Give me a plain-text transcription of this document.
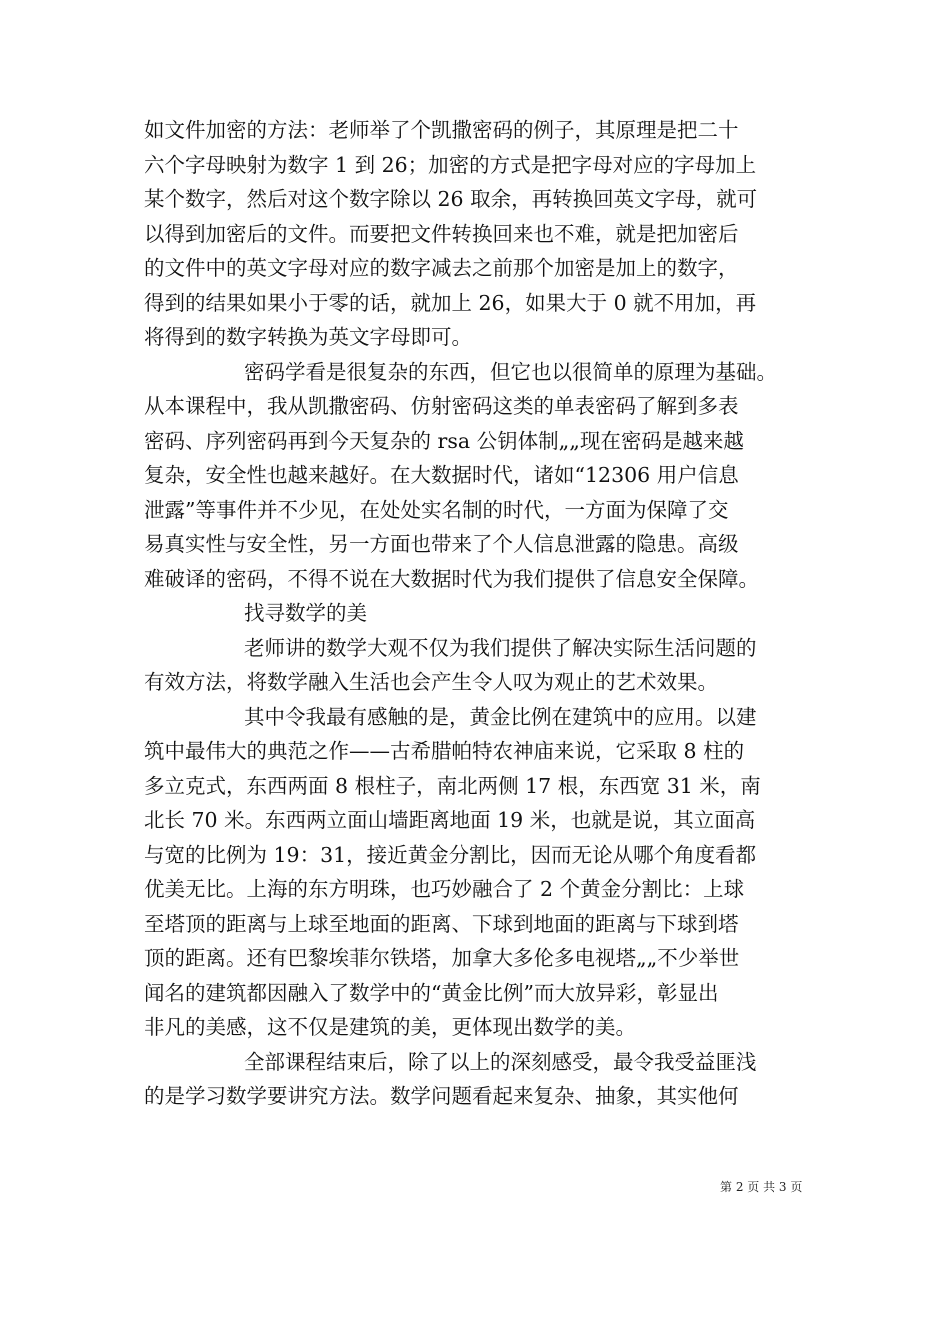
如文件加密的方法：老师举了个凯撒密码的例子，其原理是把二十
六个字母映射为数字 1 到 26；加密的方式是把字母对应的字母加上
某个数字，然后对这个数字除以 26 取余，再转换回英文字母，就可
以得到加密后的文件。而要把文件转换回来也不难，就是把加密后
的文件中的英文字母对应的数字减去之前那个加密是加上的数字，
得到的结果如果小于零的话，就加上 26，如果大于 0 就不用加，再
将得到的数字转换为英文字母即可。
密码学看是很复杂的东西，但它也以很简单的原理为基础。
从本课程中，我从凯撒密码、仿射密码这类的单表密码了解到多表
密码、序列密码再到今天复杂的 rsa 公钥体制„„现在密码是越来越
复杂，安全性也越来越好。在大数据时代，诸如“12306 用户信息
泄露”等事件并不少见，在处处实名制的时代，一方面为保障了交
易真实性与安全性，另一方面也带来了个人信息泄露的隐患。高级
难破译的密码，不得不说在大数据时代为我们提供了信息安全保障。
找寻数学的美
老师讲的数学大观不仅为我们提供了解决实际生活问题的
有效方法，将数学融入生活也会产生令人叹为观止的艺术效果。
其中令我最有感触的是，黄金比例在建筑中的应用。以建
筑中最伟大的典范之作——古希腊帕特农神庙来说，它采取 8 柱的
多立克式，东西两面 8 根柱子，南北两侧 17 根，东西宽 31 米，南
北长 70 米。东西两立面山墙距离地面 19 米，也就是说，其立面高
与宽的比例为 19：31，接近黄金分割比，因而无论从哪个角度看都
优美无比。上海的东方明珠，也巧妙融合了 2 个黄金分割比：上球
至塔顶的距离与上球至地面的距离、下球到地面的距离与下球到塔
顶的距离。还有巴黎埃菲尔铁塔，加拿大多伦多电视塔„„不少举世
闻名的建筑都因融入了数学中的“黄金比例”而大放异彩，彰显出
非凡的美感，这不仅是建筑的美，更体现出数学的美。
全部课程结束后，除了以上的深刻感受，最令我受益匪浅
的是学习数学要讲究方法。数学问题看起来复杂、抽象，其实他何
第 2 页 共 3 页
